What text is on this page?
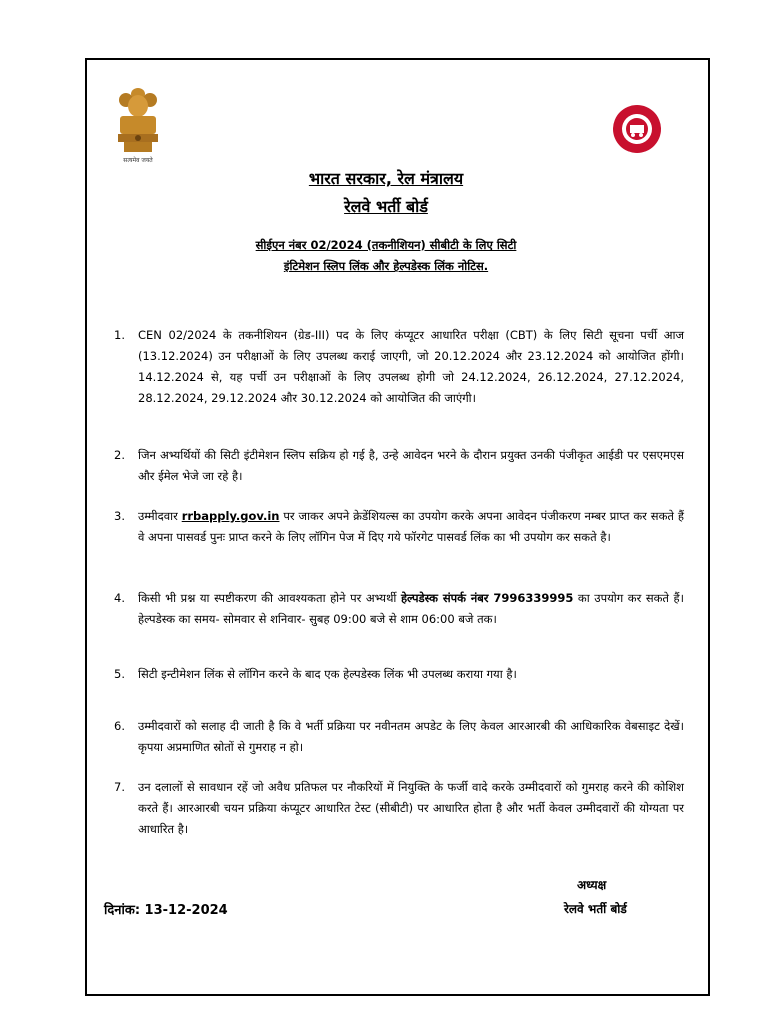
सत्यमेव जयते
भारत सरकार, रेल मंत्रालय
रेलवे भर्ती बोर्ड
सीईएन नंबर 02/2024 (तकनीशियन) सीबीटी के लिए सिटी
इंटिमेशन स्लिप लिंक और हेल्पडेस्क लिंक नोटिस.
1. CEN 02/2024 के तकनीशियन (ग्रेड-III) पद के लिए कंप्यूटर आधारित परीक्षा (CBT) के लिए सिटी सूचना पर्ची आज (13.12.2024) उन परीक्षाओं के लिए उपलब्ध कराई जाएगी, जो 20.12.2024 और 23.12.2024 को आयोजित होंगी। 14.12.2024 से, यह पर्ची उन परीक्षाओं के लिए उपलब्ध होगी जो 24.12.2024, 26.12.2024, 27.12.2024, 28.12.2024, 29.12.2024 और 30.12.2024 को आयोजित की जाएंगी।
2. जिन अभ्यर्थियों की सिटी इंटीमेशन स्लिप सक्रिय हो गई है, उन्हे आवेदन भरने के दौरान प्रयुक्त उनकी पंजीकृत आईडी पर एसएमएस और ईमेल भेजे जा रहे है।
3. उम्मीदवार rrbapply.gov.in पर जाकर अपने क्रेडेंशियल्स का उपयोग करके अपना आवेदन पंजीकरण नम्बर प्राप्त कर सकते हैं वे अपना पासवर्ड पुनः प्राप्त करने के लिए लॉगिन पेज में दिए गये फॉरगेट पासवर्ड लिंक का भी उपयोग कर सकते है।
4. किसी भी प्रश्न या स्पष्टीकरण की आवश्यकता होने पर अभ्यर्थी हेल्पडेस्क संपर्क नंबर 7996339995 का उपयोग कर सकते हैं। हेल्पडेस्क का समय- सोमवार से शनिवार- सुबह 09:00 बजे से शाम 06:00 बजे तक।
5. सिटी इन्टीमेशन लिंक से लॉगिन करने के बाद एक हेल्पडेस्क लिंक भी उपलब्ध कराया गया है।
6. उम्मीदवारों को सलाह दी जाती है कि वे भर्ती प्रक्रिया पर नवीनतम अपडेट के लिए केवल आरआरबी की आधिकारिक वेबसाइट देखें। कृपया अप्रमाणित स्रोतों से गुमराह न हो।
7. उन दलालों से सावधान रहें जो अवैध प्रतिफल पर नौकरियों में नियुक्ति के फर्जी वादे करके उम्मीदवारों को गुमराह करने की कोशिश करते हैं। आरआरबी चयन प्रक्रिया कंप्यूटर आधारित टेस्ट (सीबीटी) पर आधारित होता है और भर्ती केवल उम्मीदवारों की योग्यता पर आधारित है।
अध्यक्ष
रेलवे भर्ती बोर्ड
दिनांक: 13-12-2024
